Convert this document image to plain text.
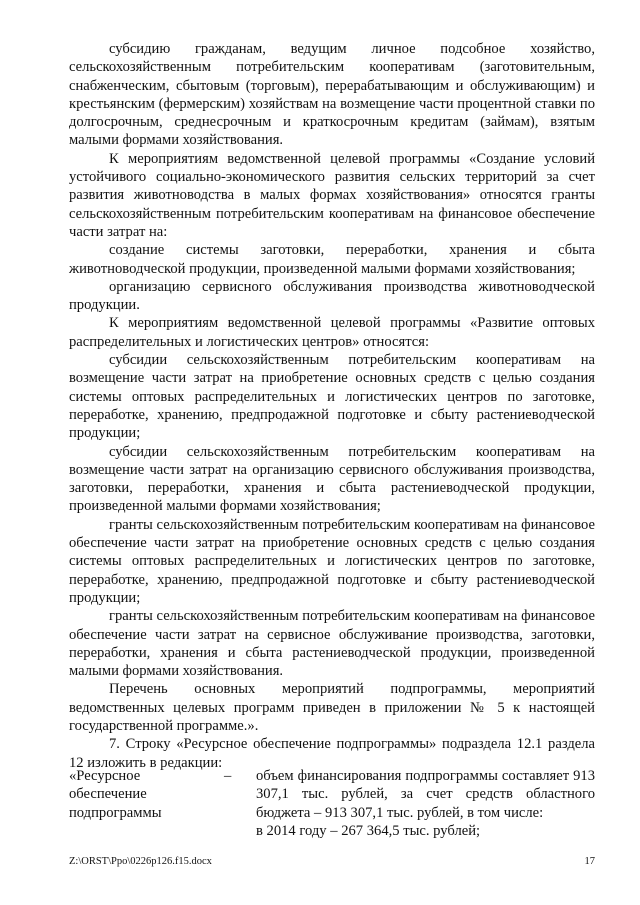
субсидию гражданам, ведущим личное подсобное хозяйство, сельскохозяйственным потребительским кооперативам (заготовительным, снабженческим, сбытовым (торговым), перерабатывающим и обслуживающим) и крестьянским (фермерским) хозяйствам на возмещение части процентной ставки по долгосрочным, среднесрочным и краткосрочным кредитам (займам), взятым малыми формами хозяйствования.

К мероприятиям ведомственной целевой программы «Создание условий устойчивого социально-экономического развития сельских территорий за счет развития животноводства в малых формах хозяйствования» относятся гранты сельскохозяйственным потребительским кооперативам на финансовое обеспечение части затрат на:

создание системы заготовки, переработки, хранения и сбыта животноводческой продукции, произведенной малыми формами хозяйствования;

организацию сервисного обслуживания производства животноводческой продукции.

К мероприятиям ведомственной целевой программы «Развитие оптовых распределительных и логистических центров» относятся:

субсидии сельскохозяйственным потребительским кооперативам на возмещение части затрат на приобретение основных средств с целью создания системы оптовых распределительных и логистических центров по заготовке, переработке, хранению, предпродажной подготовке и сбыту растениеводческой продукции;

субсидии сельскохозяйственным потребительским кооперативам на возмещение части затрат на организацию сервисного обслуживания производства, заготовки, переработки, хранения и сбыта растениеводческой продукции, произведенной малыми формами хозяйствования;

гранты сельскохозяйственным потребительским кооперативам на финансовое обеспечение части затрат на приобретение основных средств с целью создания системы оптовых распределительных и логистических центров по заготовке, переработке, хранению, предпродажной подготовке и сбыту растениеводческой продукции;

гранты сельскохозяйственным потребительским кооперативам на финансовое обеспечение части затрат на сервисное обслуживание производства, заготовки, переработки, хранения и сбыта растениеводческой продукции, произведенной малыми формами хозяйствования.

Перечень основных мероприятий подпрограммы, мероприятий ведомственных целевых программ приведен в приложении № 5 к настоящей государственной программе.».

7. Строку «Ресурсное обеспечение подпрограммы» подраздела 12.1 раздела 12 изложить в редакции:

«Ресурсное обеспечение подпрограммы
– объем финансирования подпрограммы составляет 913 307,1 тыс. рублей, за счет средств областного бюджета – 913 307,1 тыс. рублей, в том числе:
в 2014 году – 267 364,5 тыс. рублей;
Z:\ORST\Ppo\0226p126.f15.docx	17
